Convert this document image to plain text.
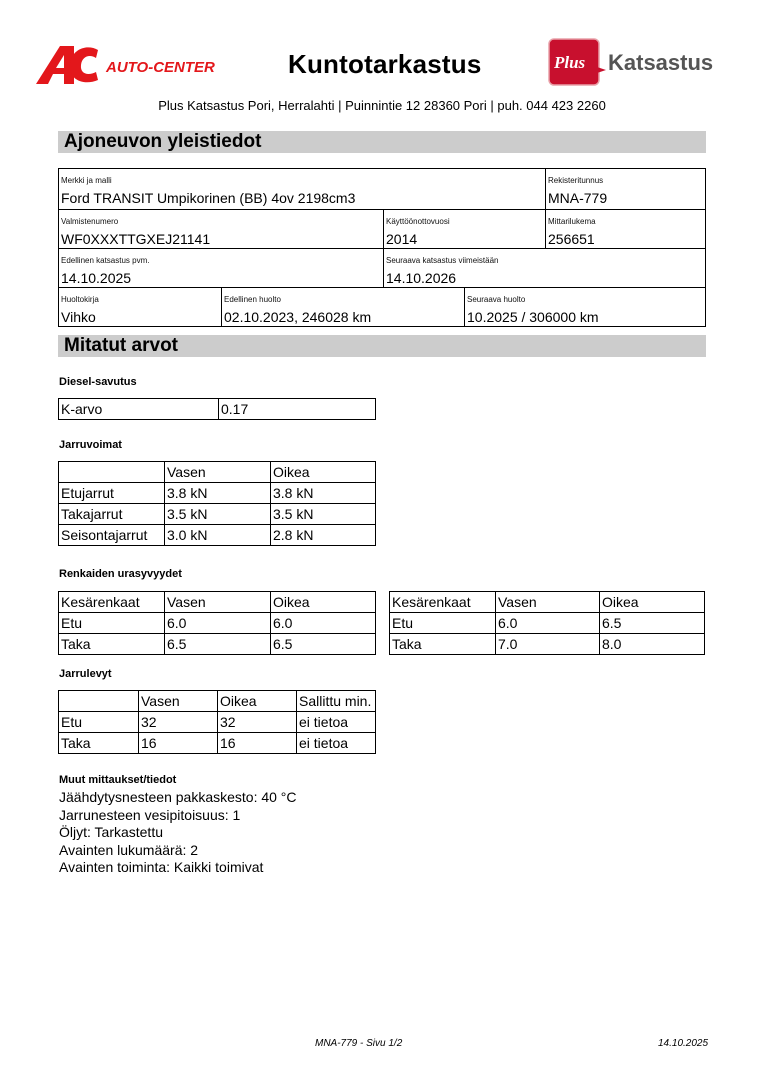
AUTO-CENTER	Kuntotarkastus	Plus Katsastus
Plus Katsastus Pori, Herralahti | Puinnintie 12 28360 Pori | puh. 044 423 2260
Ajoneuvon yleistiedot
Merkki ja malli
Ford TRANSIT Umpikorinen (BB) 4ov 2198cm3
Rekisteritunnus
MNA-779
Valmistenumero
WF0XXXTTGXEJ21141
Käyttöönottovuosi
2014
Mittarilukema
256651
Edellinen katsastus pvm.
14.10.2025
Seuraava katsastus viimeistään
14.10.2026
Huoltokirja
Vihko
Edellinen huolto
02.10.2023, 246028 km
Seuraava huolto
10.2025 / 306000 km
Mitatut arvot
Diesel-savutus
K-arvo	0.17
Jarruvoimat
	Vasen	Oikea
Etujarrut	3.8 kN	3.8 kN
Takajarrut	3.5 kN	3.5 kN
Seisontajarrut	3.0 kN	2.8 kN
Renkaiden urasyvyydet
Kesärenkaat	Vasen	Oikea
Etu	6.0	6.0
Taka	6.5	6.5
Kesärenkaat	Vasen	Oikea
Etu	6.0	6.5
Taka	7.0	8.0
Jarrulevyt
	Vasen	Oikea	Sallittu min.
Etu	32	32	ei tietoa
Taka	16	16	ei tietoa
Muut mittaukset/tiedot
Jäähdytysnesteen pakkaskesto: 40 °C
Jarrunesteen vesipitoisuus: 1
Öljyt: Tarkastettu
Avainten lukumäärä: 2
Avainten toiminta: Kaikki toimivat
MNA-779 - Sivu 1/2	14.10.2025
